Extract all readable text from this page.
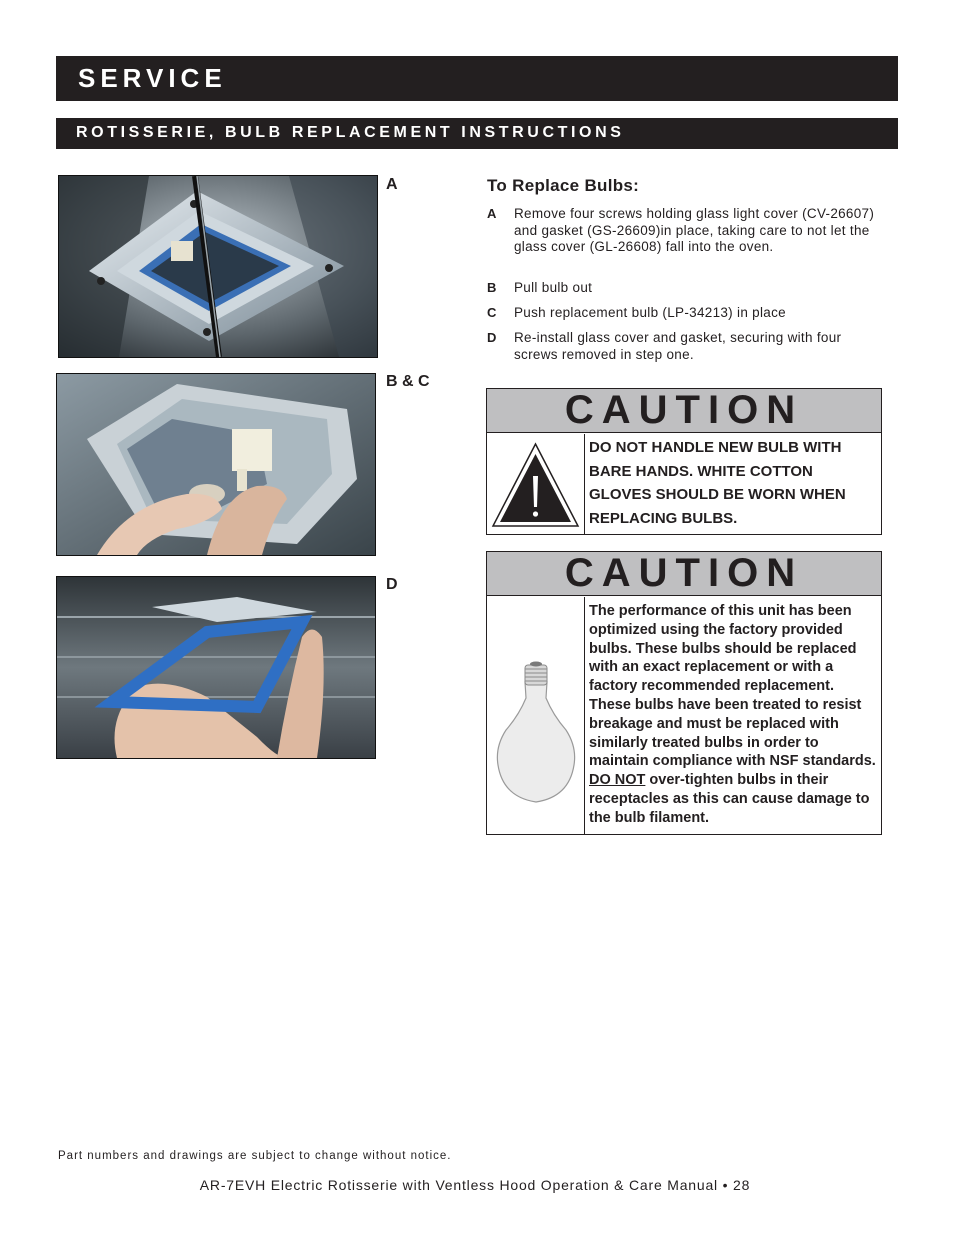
SERVICE
ROTISSERIE, BULB REPLACEMENT INSTRUCTIONS
A
B & C
D
To Replace Bulbs:
A Remove four screws holding glass light cover (CV-26607) and gasket (GS-26609)in place, taking care to not let the glass cover (GL-26608) fall into the oven.
B Pull bulb out
C Push replacement bulb (LP-34213) in place
D Re-install glass cover and gasket, securing with four screws removed in step one.
CAUTION
DO NOT HANDLE NEW BULB WITH BARE HANDS. WHITE COTTON GLOVES SHOULD BE WORN WHEN REPLACING BULBS.
CAUTION
The performance of this unit has been optimized using the factory provided bulbs. These bulbs should be replaced with an exact replacement or with a factory recommended replacement. These bulbs have been treated to resist breakage and must be replaced with similarly treated bulbs in order to maintain compliance with NSF standards. DO NOT over-tighten bulbs in their receptacles as this can cause damage to the bulb filament.
Part numbers and drawings are subject to change without notice.
AR-7EVH Electric Rotisserie with Ventless Hood Operation & Care Manual • 28
